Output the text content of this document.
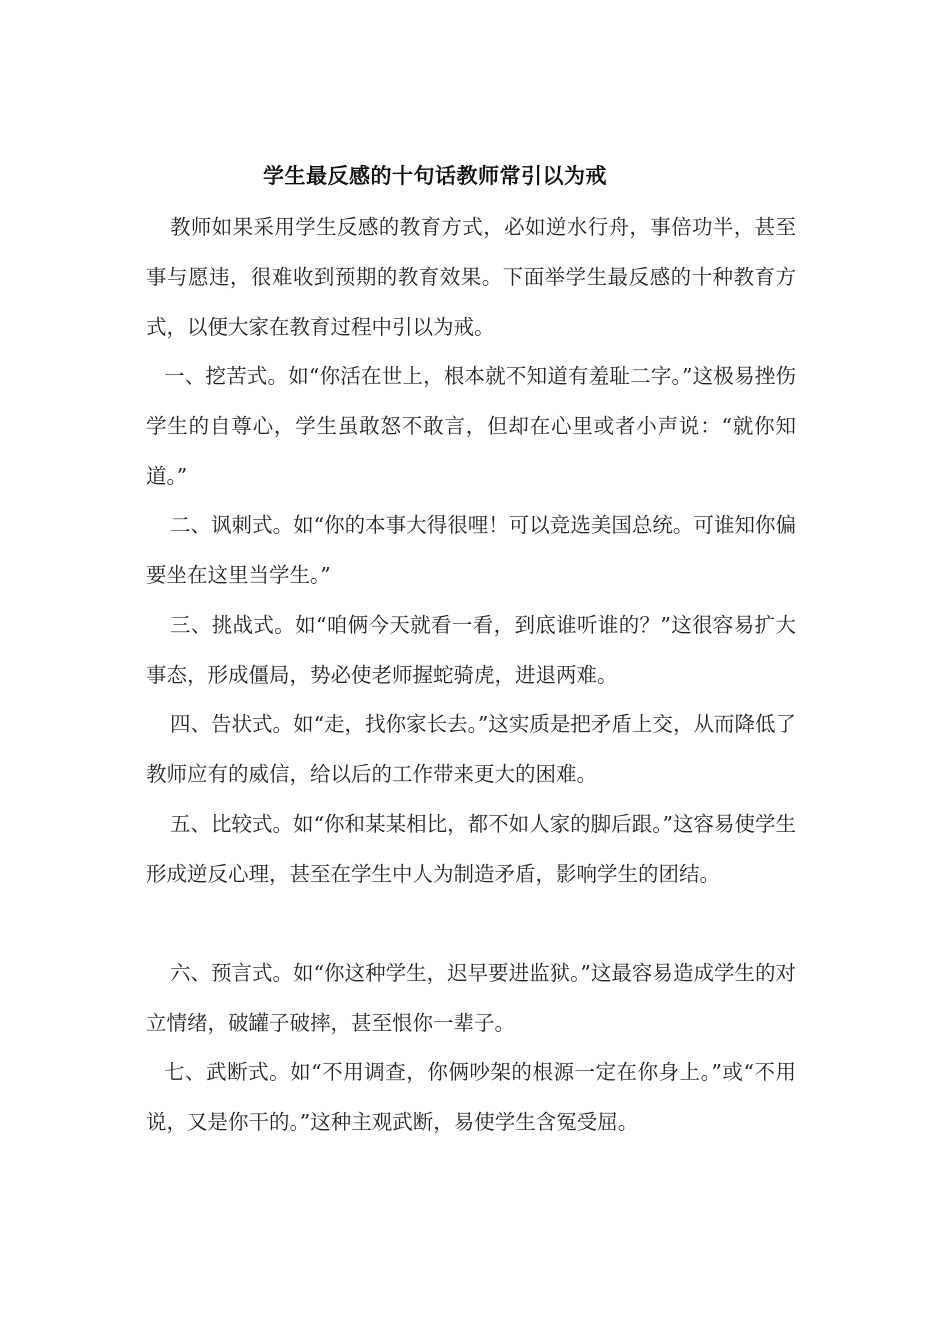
学生最反感的十句话教师常引以为戒

教师如果采用学生反感的教育方式，必如逆水行舟，事倍功半，甚至事与愿违，很难收到预期的教育效果。下面举学生最反感的十种教育方式，以便大家在教育过程中引以为戒。

一、挖苦式。如“你活在世上，根本就不知道有羞耻二字。”这极易挫伤学生的自尊心，学生虽敢怒不敢言，但却在心里或者小声说：“就你知道。”

二、讽刺式。如“你的本事大得很哩！可以竞选美国总统。可谁知你偏要坐在这里当学生。”

三、挑战式。如“咱俩今天就看一看，到底谁听谁的？”这很容易扩大事态，形成僵局，势必使老师握蛇骑虎，进退两难。

四、告状式。如“走，找你家长去。”这实质是把矛盾上交，从而降低了教师应有的威信，给以后的工作带来更大的困难。

五、比较式。如“你和某某相比，都不如人家的脚后跟。”这容易使学生形成逆反心理，甚至在学生中人为制造矛盾，影响学生的团结。

六、预言式。如“你这种学生，迟早要进监狱。”这最容易造成学生的对立情绪，破罐子破摔，甚至恨你一辈子。

七、武断式。如“不用调查，你俩吵架的根源一定在你身上。”或“不用说，又是你干的。”这种主观武断，易使学生含冤受屈。
